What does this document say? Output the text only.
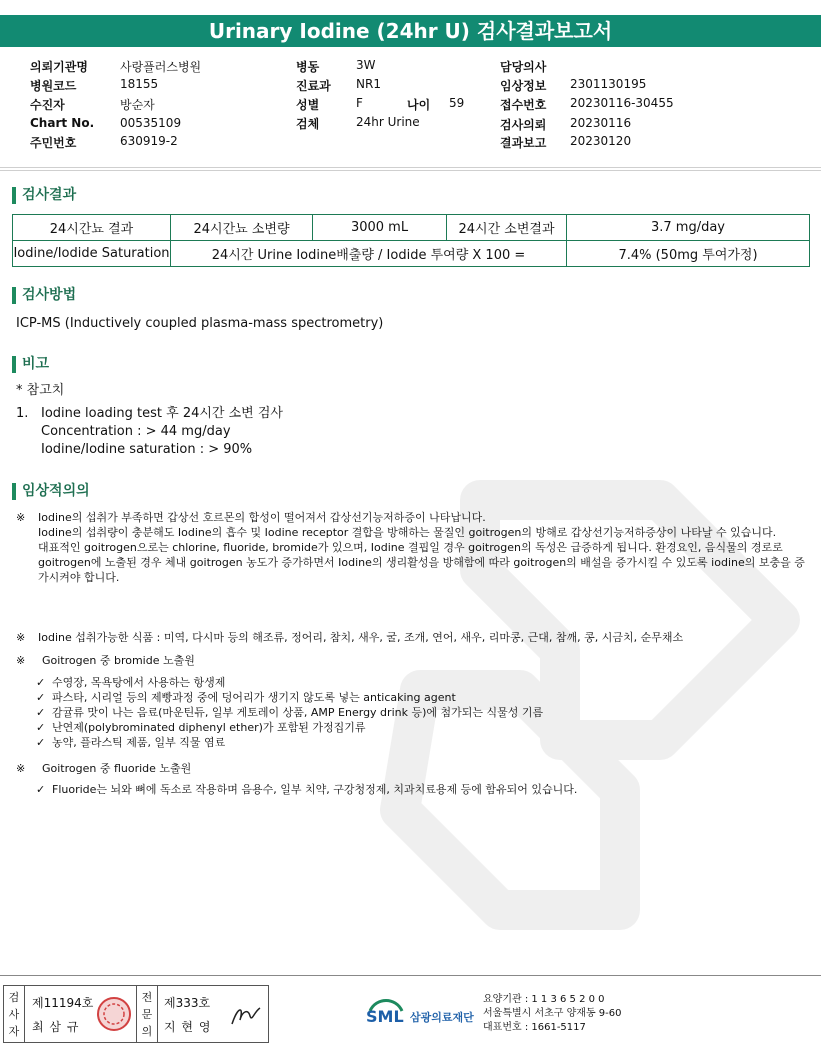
Urinary Iodine (24hr U) 검사결과보고서
의뢰기관명	사랑플러스병원
병원코드	18155
수진자	방순자
Chart No. 00535109
주민번호	630919-2
병동	3W
진료과 NR1
성별	F	나이 59
검체	24hr Urine
담당의사
임상정보 2301130195
접수번호 20230116-30455
검사의뢰 20230116
결과보고 20230120
검사결과
24시간뇨 결과	24시간뇨 소변량	3000 mL	24시간 소변결과	3.7 mg/day
Iodine/Iodide Saturation	24시간 Urine Iodine배출량 / Iodide 투여량 X 100 =			7.4% (50mg 투여가정)
검사방법
ICP-MS (Inductively coupled plasma-mass spectrometry)
비고
* 참고치
1. Iodine loading test 후 24시간 소변 검사
Concentration : > 44 mg/day
Iodine/Iodine saturation : > 90%
임상적의의
※ Iodine의 섭취가 부족하면 갑상선 호르몬의 합성이 떨어져서 갑상선기능저하증이 나타납니다.
Iodine의 섭취량이 충분해도 Iodine의 흡수 및 Iodine receptor 결합을 방해하는 물질인 goitrogen의 방해로 갑상선기능저하증상이 나타날 수 있습니다.
대표적인 goitrogen으로는 chlorine, fluoride, bromide가 있으며, Iodine 결핍일 경우 goitrogen의 독성은 급증하게 됩니다. 환경요인, 음식물의 경로로 goitrogen에 노출된 경우 체내 goitrogen 농도가 증가하면서 Iodine의 생리활성을 방해함에 따라 goitrogen의 배설을 증가시킬 수 있도록 iodine의 보충을 증가시켜야 합니다.
※ Iodine 섭취가능한 식품 : 미역, 다시마 등의 해조류, 정어리, 참치, 새우, 굴, 조개, 연어, 새우, 리마콩, 근대, 참깨, 콩, 시금치, 순무채소
※ Goitrogen 중 bromide 노출원
✓ 수영장, 목욕탕에서 사용하는 항생제
✓ 파스타, 시리얼 등의 제빵과정 중에 덩어리가 생기지 않도록 넣는 anticaking agent
✓ 감귤류 맛이 나는 음료(마운틴듀, 일부 게토레이 상품, AMP Energy drink 등)에 첨가되는 식물성 기름
✓ 난연제(polybrominated diphenyl ether)가 포함된 가정집기류
✓ 농약, 플라스틱 제품, 일부 직물 염료
※ Goitrogen 중 fluoride 노출원
✓ Fluoride는 뇌와 뼈에 독소로 작용하며 음용수, 일부 치약, 구강청정제, 치과치료용제 등에 함유되어 있습니다.
검사자
제11194호
최 삼 규
전문의
제333호
지 현 영
SML 삼광의료재단
요양기관 : 1 1 3 6 5 2 0 0
서울특별시 서초구 양재동 9-60
대표번호 : 1661-5117
